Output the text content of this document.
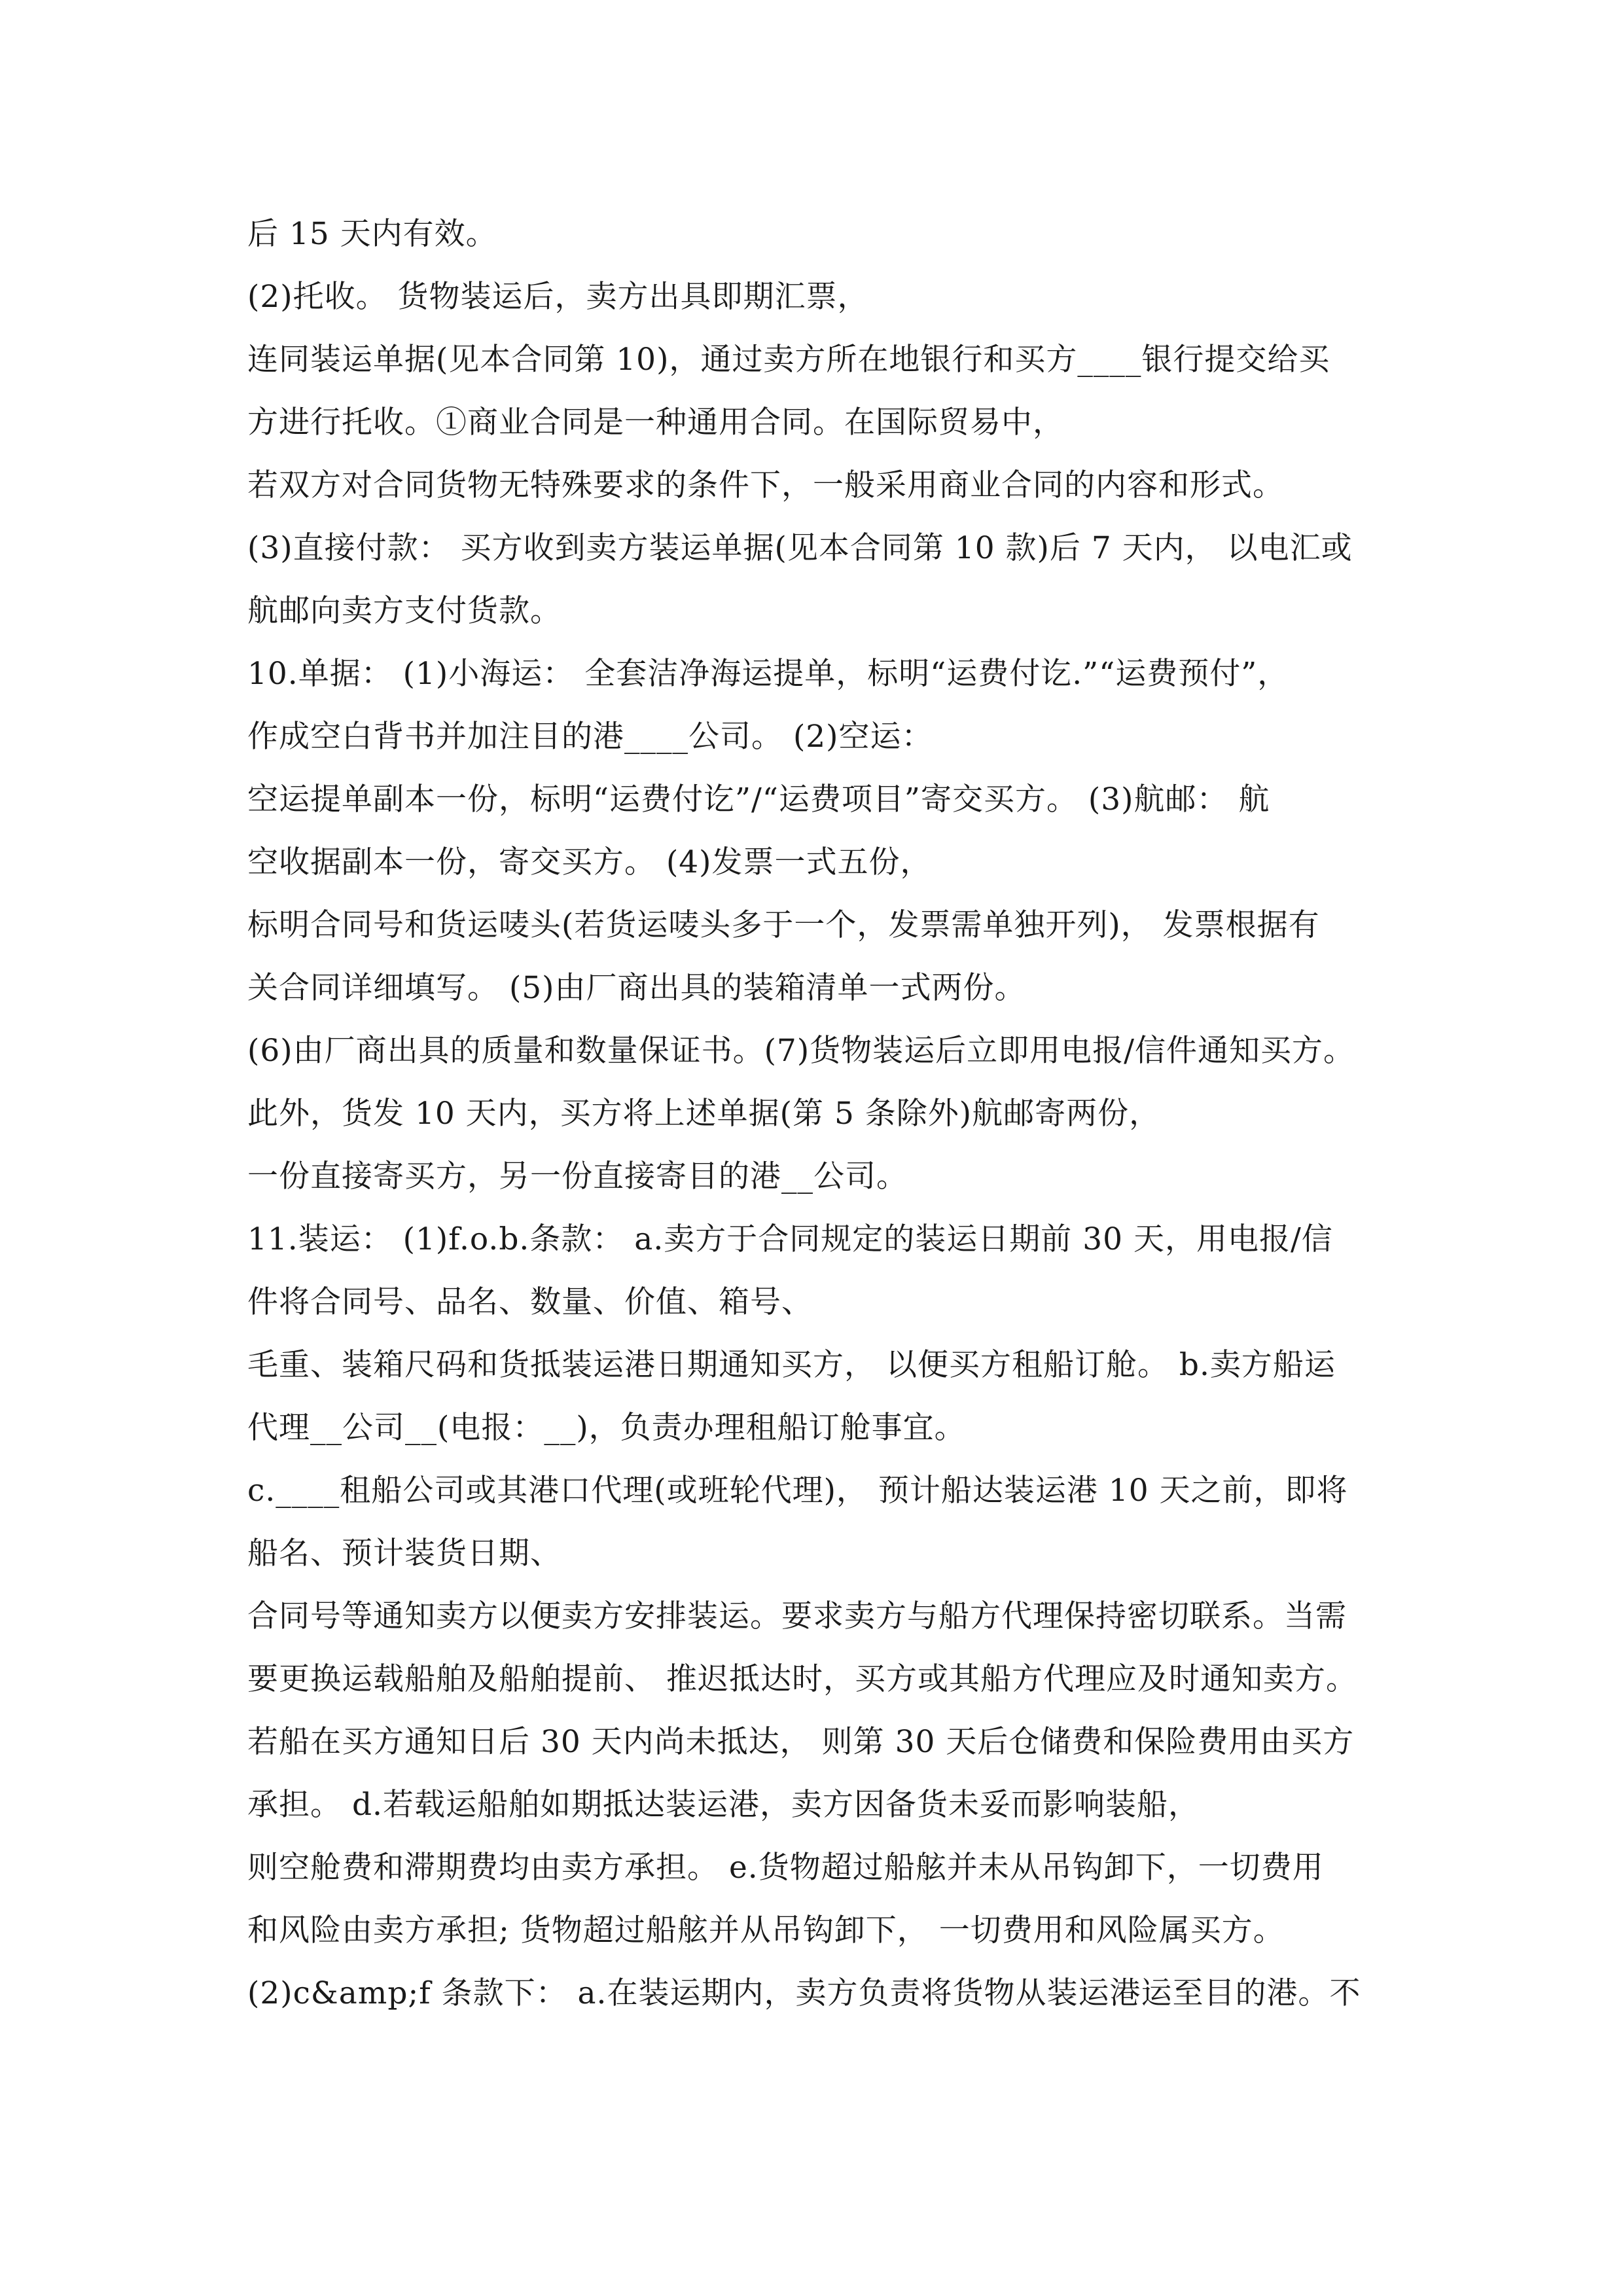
后 15 天内有效。
(2)托收。 货物装运后，卖方出具即期汇票，
连同装运单据(见本合同第 10)，通过卖方所在地银行和买方____银行提交给买
方进行托收。①商业合同是一种通用合同。在国际贸易中，
若双方对合同货物无特殊要求的条件下，一般采用商业合同的内容和形式。
(3)直接付款： 买方收到卖方装运单据(见本合同第 10 款)后 7 天内， 以电汇或
航邮向卖方支付货款。
10.单据： (1)小海运： 全套洁净海运提单，标明“运费付讫.”“运费预付”，
作成空白背书并加注目的港____公司。 (2)空运：
空运提单副本一份，标明“运费付讫”/“运费项目”寄交买方。 (3)航邮： 航
空收据副本一份，寄交买方。 (4)发票一式五份，
标明合同号和货运唛头(若货运唛头多于一个，发票需单独开列)， 发票根据有
关合同详细填写。 (5)由厂商出具的装箱清单一式两份。
(6)由厂商出具的质量和数量保证书。(7)货物装运后立即用电报/信件通知买方。
此外，货发 10 天内，买方将上述单据(第 5 条除外)航邮寄两份，
一份直接寄买方，另一份直接寄目的港__公司。
11.装运： (1)f.o.b.条款： a.卖方于合同规定的装运日期前 30 天，用电报/信
件将合同号、品名、数量、价值、箱号、
毛重、装箱尺码和货抵装运港日期通知买方， 以便买方租船订舱。 b.卖方船运
代理__公司__(电报：__)，负责办理租船订舱事宜。
c.____租船公司或其港口代理(或班轮代理)， 预计船达装运港 10 天之前，即将
船名、预计装货日期、
合同号等通知卖方以便卖方安排装运。要求卖方与船方代理保持密切联系。当需
要更换运载船舶及船舶提前、 推迟抵达时，买方或其船方代理应及时通知卖方。
若船在买方通知日后 30 天内尚未抵达， 则第 30 天后仓储费和保险费用由买方
承担。 d.若载运船舶如期抵达装运港，卖方因备货未妥而影响装船，
则空舱费和滞期费均由卖方承担。 e.货物超过船舷并未从吊钩卸下，一切费用
和风险由卖方承担; 货物超过船舷并从吊钩卸下， 一切费用和风险属买方。
(2)c&amp;f 条款下： a.在装运期内，卖方负责将货物从装运港运至目的港。不
